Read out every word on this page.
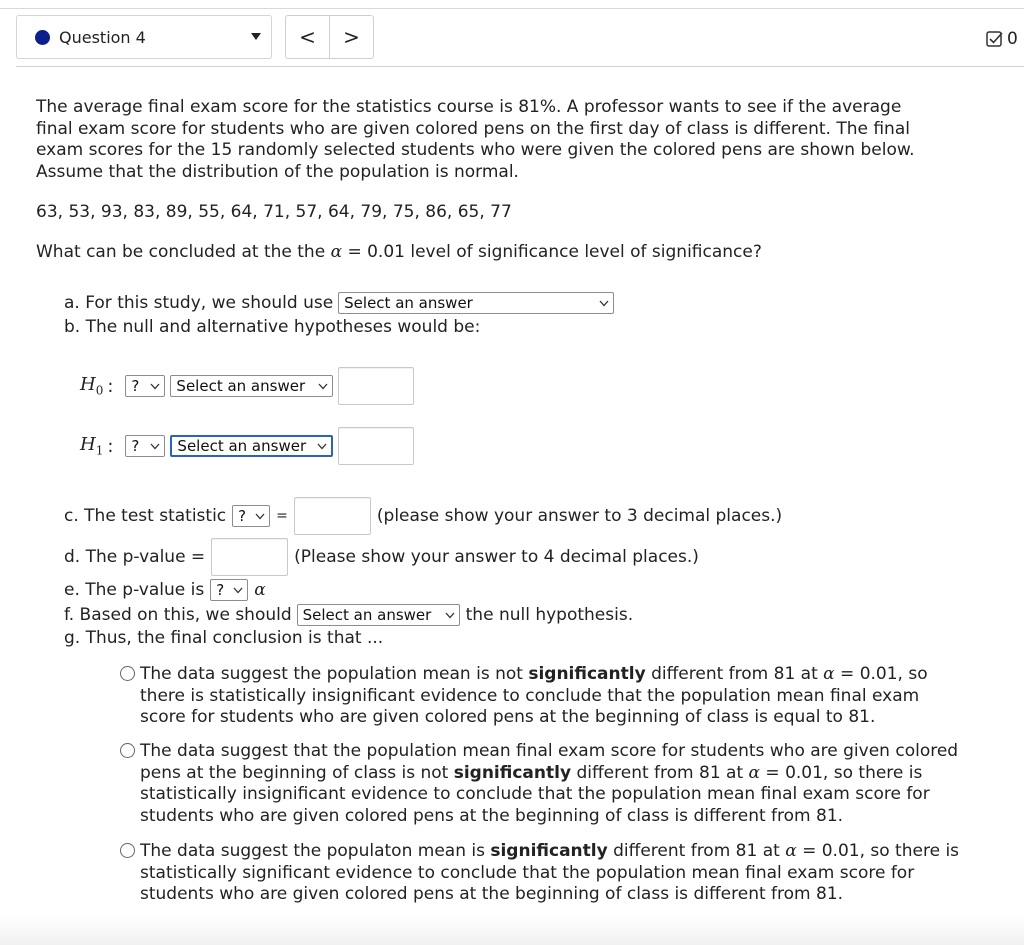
Question 4	<	>	0
The average final exam score for the statistics course is 81%. A professor wants to see if the average final exam score for students who are given colored pens on the first day of class is different. The final exam scores for the 15 randomly selected students who were given the colored pens are shown below. Assume that the distribution of the population is normal.
63, 53, 93, 83, 89, 55, 64, 71, 57, 64, 79, 75, 86, 65, 77
What can be concluded at the the α = 0.01 level of significance level of significance?
a. For this study, we should use Select an answer
b. The null and alternative hypotheses would be:
$H_0$ : ?	Select an answer
$H_1$ : ?	Select an answer
c. The test statistic ?	=	(please show your answer to 3 decimal places.)
d. The p-value =	(Please show your answer to 4 decimal places.)
e. The p-value is ? α
f. Based on this, we should Select an answer	the null hypothesis.
g. Thus, the final conclusion is that ...
The data suggest the population mean is not significantly different from 81 at α = 0.01, so there is statistically insignificant evidence to conclude that the population mean final exam score for students who are given colored pens at the beginning of class is equal to 81.
The data suggest that the population mean final exam score for students who are given colored pens at the beginning of class is not significantly different from 81 at α = 0.01, so there is statistically insignificant evidence to conclude that the population mean final exam score for students who are given colored pens at the beginning of class is different from 81.
The data suggest the populaton mean is significantly different from 81 at α = 0.01, so there is statistically significant evidence to conclude that the population mean final exam score for students who are given colored pens at the beginning of class is different from 81.
